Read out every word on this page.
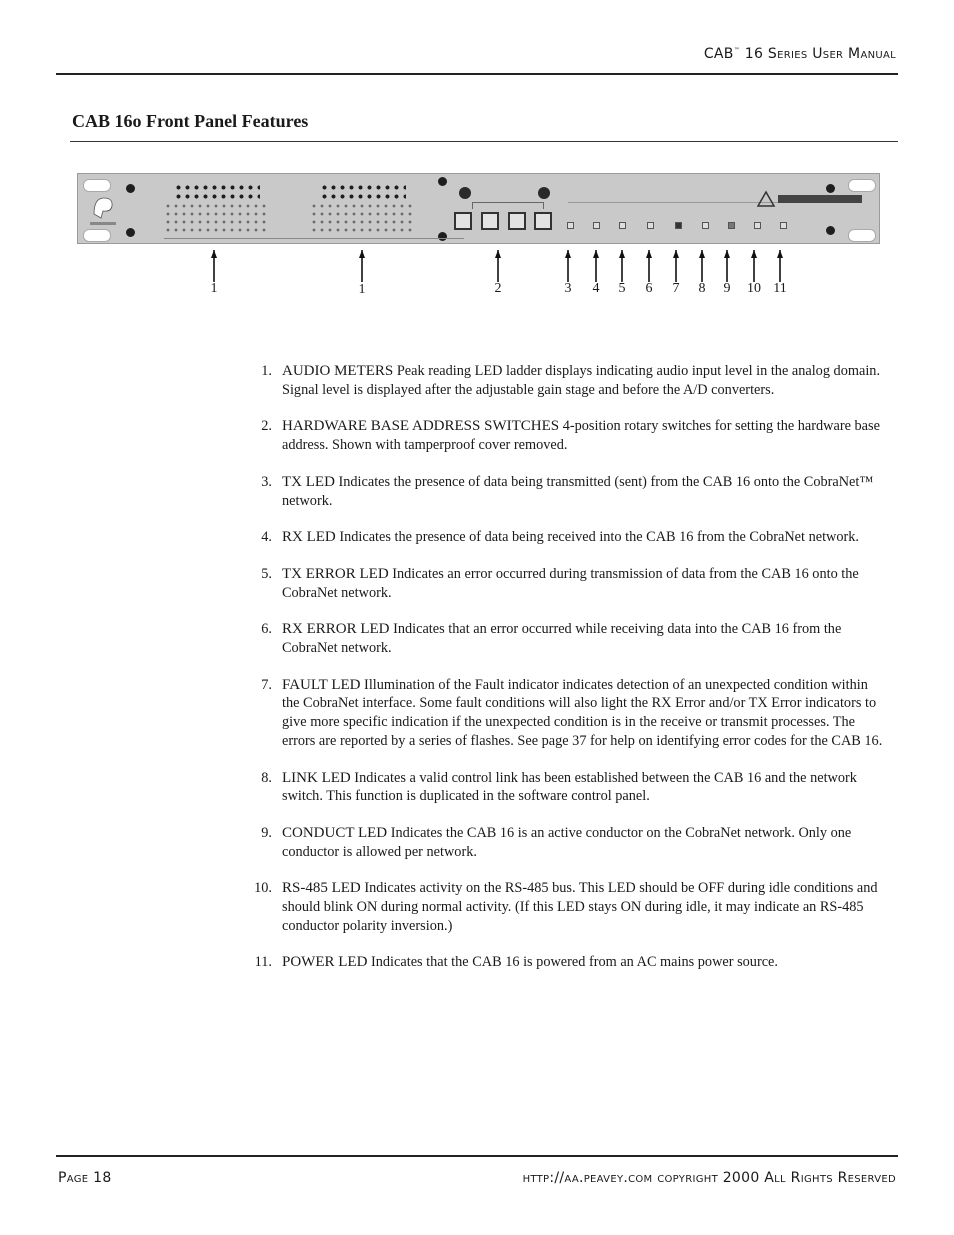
CAB™ 16 Series User Manual
CAB 16o Front Panel Features
1	1	2	3	4	5	6	7	8	9	10 11
1. AUDIO METERS Peak reading LED ladder displays indicating audio input level in the analog domain. Signal level is displayed after the adjustable gain stage and before the A/D converters.
2. HARDWARE BASE ADDRESS SWITCHES 4-position rotary switches for setting the hardware base address. Shown with tamperproof cover removed.
3. TX LED Indicates the presence of data being transmitted (sent) from the CAB 16 onto the CobraNet™ network.
4. RX LED Indicates the presence of data being received into the CAB 16 from the CobraNet network.
5. TX ERROR LED Indicates an error occurred during transmission of data from the CAB 16 onto the CobraNet network.
6. RX ERROR LED Indicates that an error occurred while receiving data into the CAB 16 from the CobraNet network.
7. FAULT LED Illumination of the Fault indicator indicates detection of an unexpected condition within the CobraNet interface. Some fault conditions will also light the RX Error and/or TX Error indicators to give more specific indication if the unexpected condition is in the receive or transmit processes. The errors are reported by a series of flashes. See page 37 for help on identifying error codes for the CAB 16.
8. LINK LED Indicates a valid control link has been established between the CAB 16 and the network switch. This function is duplicated in the software control panel.
9. CONDUCT LED Indicates the CAB 16 is an active conductor on the CobraNet network. Only one conductor is allowed per network.
10. RS-485 LED Indicates activity on the RS-485 bus. This LED should be OFF during idle conditions and should blink ON during normal activity. (If this LED stays ON during idle, it may indicate an RS-485 conductor polarity inversion.)
11. POWER LED Indicates that the CAB 16 is powered from an AC mains power source.
Page 18	http://aa.peavey.com copyright 2000 All Rights Reserved
